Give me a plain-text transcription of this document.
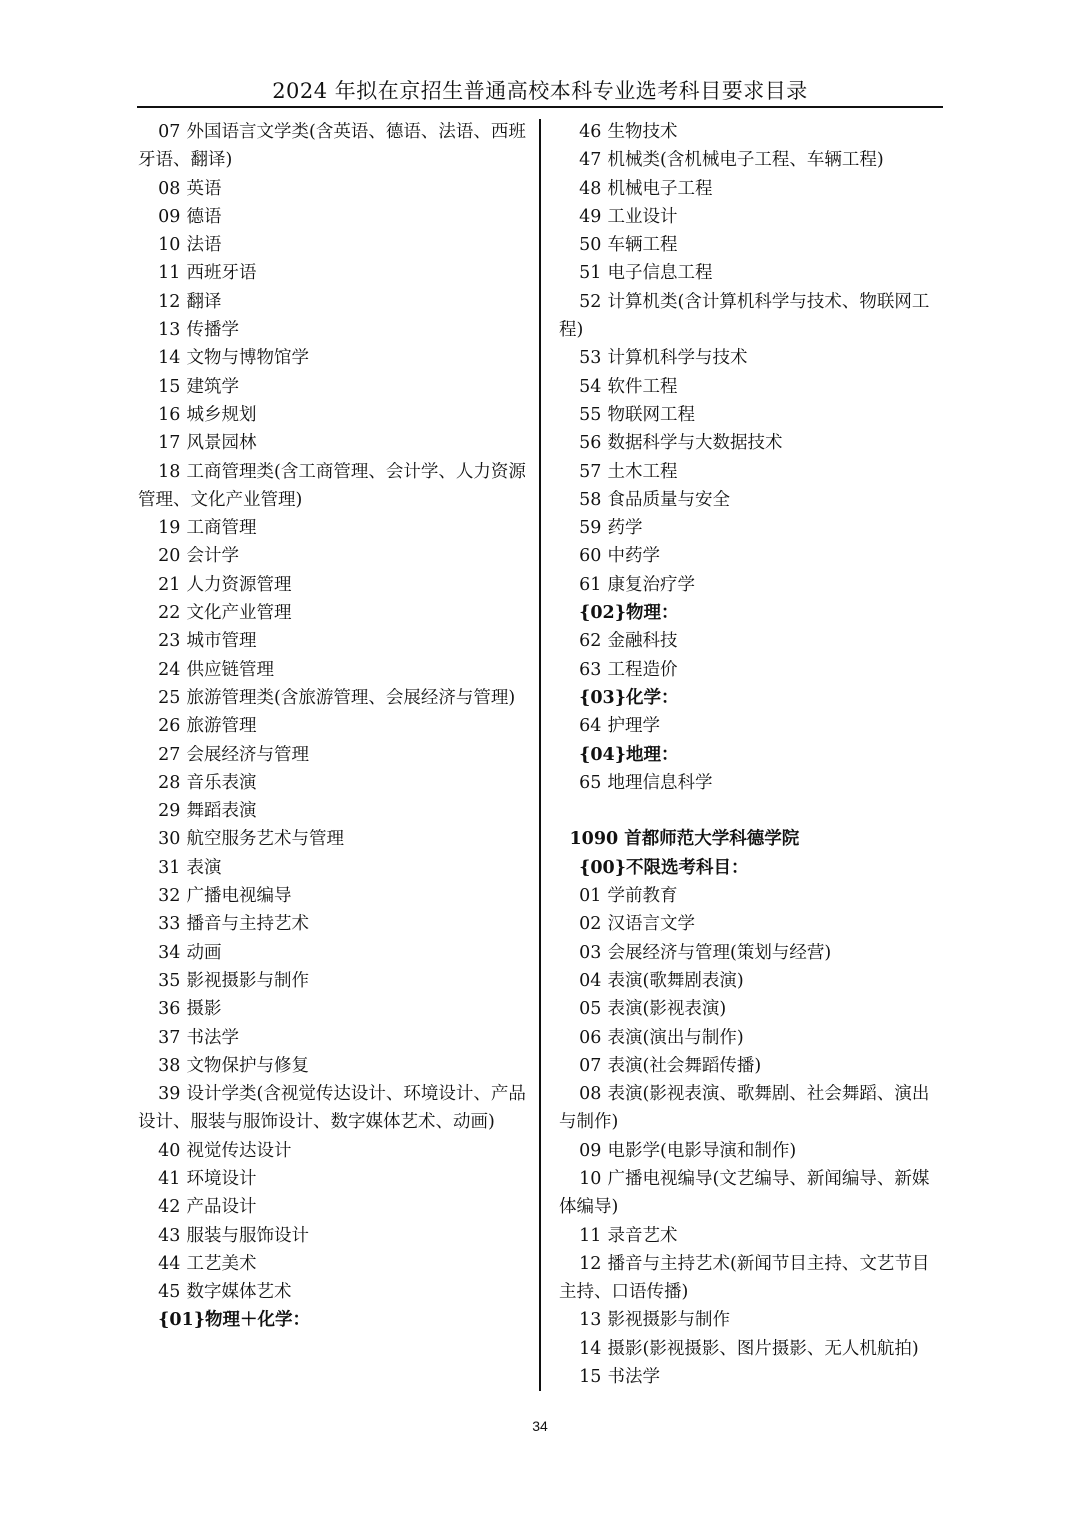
2024 年拟在京招生普通高校本科专业选考科目要求目录
07 外国语言文学类(含英语、德语、法语、西班牙语、翻译)
08 英语
09 德语
10 法语
11 西班牙语
12 翻译
13 传播学
14 文物与博物馆学
15 建筑学
16 城乡规划
17 风景园林
18 工商管理类(含工商管理、会计学、人力资源管理、文化产业管理)
19 工商管理
20 会计学
21 人力资源管理
22 文化产业管理
23 城市管理
24 供应链管理
25 旅游管理类(含旅游管理、会展经济与管理)
26 旅游管理
27 会展经济与管理
28 音乐表演
29 舞蹈表演
30 航空服务艺术与管理
31 表演
32 广播电视编导
33 播音与主持艺术
34 动画
35 影视摄影与制作
36 摄影
37 书法学
38 文物保护与修复
39 设计学类(含视觉传达设计、环境设计、产品设计、服装与服饰设计、数字媒体艺术、动画)
40 视觉传达设计
41 环境设计
42 产品设计
43 服装与服饰设计
44 工艺美术
45 数字媒体艺术
{01}物理＋化学：
46 生物技术
47 机械类(含机械电子工程、车辆工程)
48 机械电子工程
49 工业设计
50 车辆工程
51 电子信息工程
52 计算机类(含计算机科学与技术、物联网工程)
53 计算机科学与技术
54 软件工程
55 物联网工程
56 数据科学与大数据技术
57 土木工程
58 食品质量与安全
59 药学
60 中药学
61 康复治疗学
{02}物理：
62 金融科技
63 工程造价
{03}化学：
64 护理学
{04}地理：
65 地理信息科学
1090 首都师范大学科德学院
{00}不限选考科目：
01 学前教育
02 汉语言文学
03 会展经济与管理(策划与经营)
04 表演(歌舞剧表演)
05 表演(影视表演)
06 表演(演出与制作)
07 表演(社会舞蹈传播)
08 表演(影视表演、歌舞剧、社会舞蹈、演出与制作)
09 电影学(电影导演和制作)
10 广播电视编导(文艺编导、新闻编导、新媒体编导)
11 录音艺术
12 播音与主持艺术(新闻节目主持、文艺节目主持、口语传播)
13 影视摄影与制作
14 摄影(影视摄影、图片摄影、无人机航拍)
15 书法学
34
